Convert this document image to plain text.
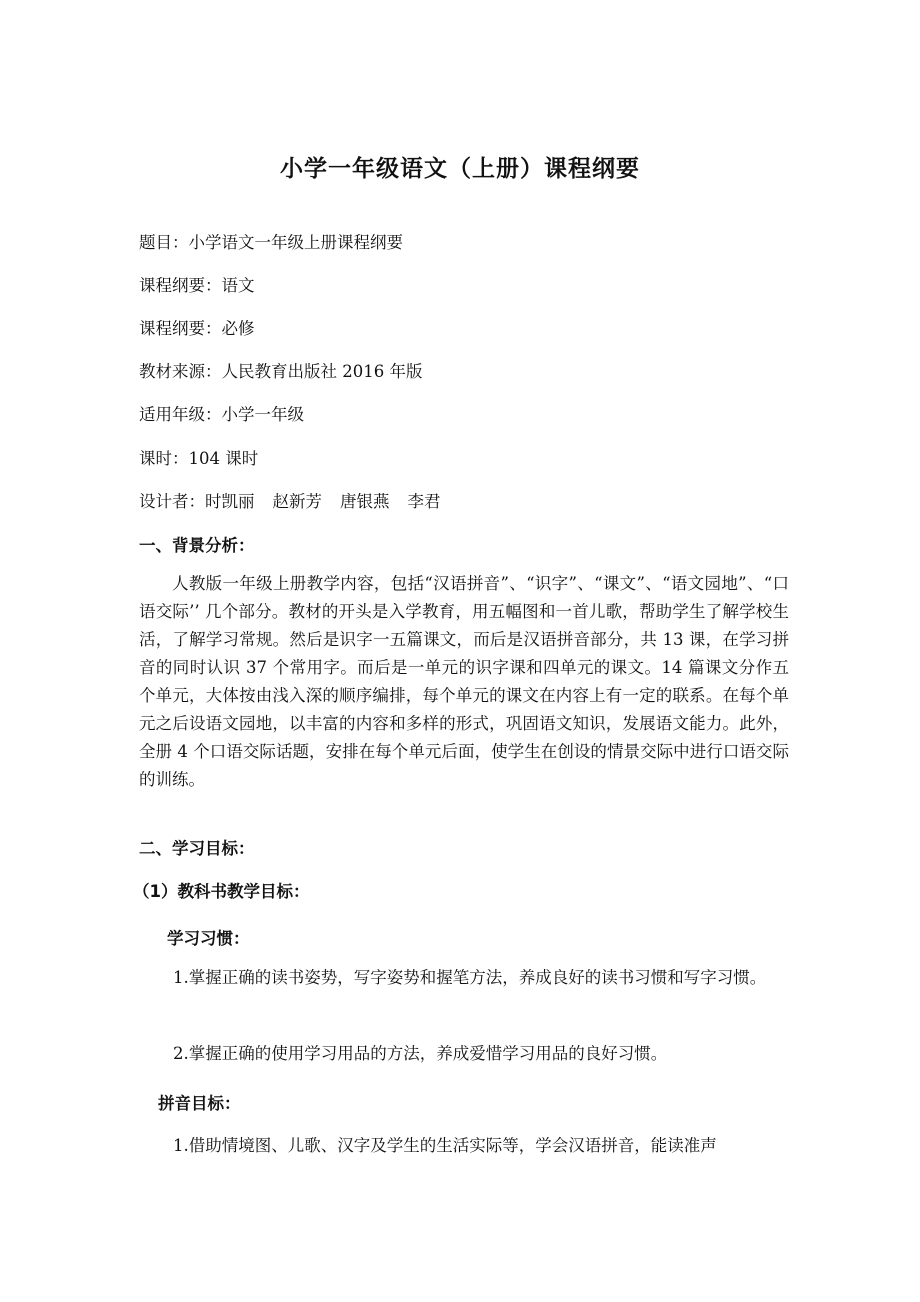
小学一年级语文（上册）课程纲要
题目：小学语文一年级上册课程纲要
课程纲要：语文
课程纲要：必修
教材来源：人民教育出版社 2016 年版
适用年级：小学一年级
课时：104 课时
设计者：时凯丽 赵新芳 唐银燕 李君
一、背景分析：
人教版一年级上册教学内容，包括“汉语拼音”、“识字”、“课文”、“语文园地”、“口语交际’’ 几个部分。教材的开头是入学教育，用五幅图和一首儿歌，帮助学生了解学校生活，了解学习常规。然后是识字一五篇课文，而后是汉语拼音部分，共 13 课，在学习拼音的同时认识 37 个常用字。而后是一单元的识字课和四单元的课文。14 篇课文分作五个单元，大体按由浅入深的顺序编排，每个单元的课文在内容上有一定的联系。在每个单元之后设语文园地，以丰富的内容和多样的形式，巩固语文知识，发展语文能力。此外，全册 4 个口语交际话题，安排在每个单元后面，使学生在创设的情景交际中进行口语交际的训练。
二、学习目标：
（1）教科书教学目标：
学习习惯：
1.掌握正确的读书姿势，写字姿势和握笔方法，养成良好的读书习惯和写字习惯。
2.掌握正确的使用学习用品的方法，养成爱惜学习用品的良好习惯。
拼音目标：
1.借助情境图、儿歌、汉字及学生的生活实际等，学会汉语拼音，能读准声
